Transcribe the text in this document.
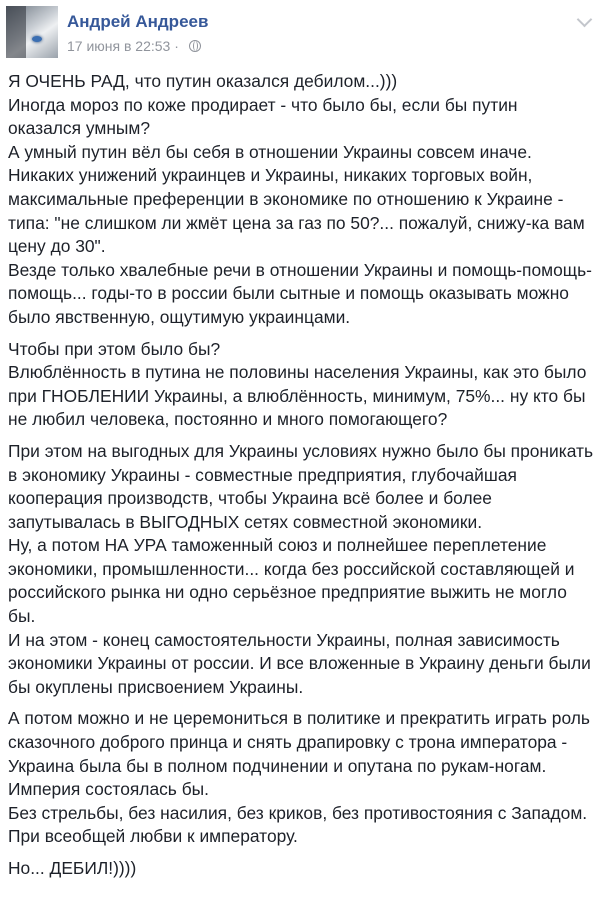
Андрей Андреев
17 июня в 22:53 ·
Я ОЧЕНЬ РАД, что путин оказался дебилом...)))
Иногда мороз по коже продирает - что было бы, если бы путин
оказался умным?
А умный путин вёл бы себя в отношении Украины совсем иначе.
Никаких унижений украинцев и Украины, никаких торговых войн,
максимальные преференции в экономике по отношению к Украине -
типа: "не слишком ли жмёт цена за газ по 50?... пожалуй, снижу-ка вам
цену до 30".
Везде только хвалебные речи в отношении Украины и помощь-помощь-
помощь... годы-то в россии были сытные и помощь оказывать можно
было явственную, ощутимую украинцами.
Чтобы при этом было бы?
Влюблённость в путина не половины населения Украины, как это было
при ГНОБЛЕНИИ Украины, а влюблённость, минимум, 75%... ну кто бы
не любил человека, постоянно и много помогающего?
При этом на выгодных для Украины условиях нужно было бы проникать
в экономику Украины - совместные предприятия, глубочайшая
кооперация производств, чтобы Украина всё более и более
запутывалась в ВЫГОДНЫХ сетях совместной экономики.
Ну, а потом НА УРА таможенный союз и полнейшее переплетение
экономики, промышленности... когда без российской составляющей и
российского рынка ни одно серьёзное предприятие выжить не могло
бы.
И на этом - конец самостоятельности Украины, полная зависимость
экономики Украины от россии. И все вложенные в Украину деньги были
бы окуплены присвоением Украины.
А потом можно и не церемониться в политике и прекратить играть роль
сказочного доброго принца и снять драпировку с трона императора -
Украина была бы в полном подчинении и опутана по рукам-ногам.
Империя состоялась бы.
Без стрельбы, без насилия, без криков, без противостояния с Западом.
При всеобщей любви к императору.
Но... ДЕБИЛ!))))
